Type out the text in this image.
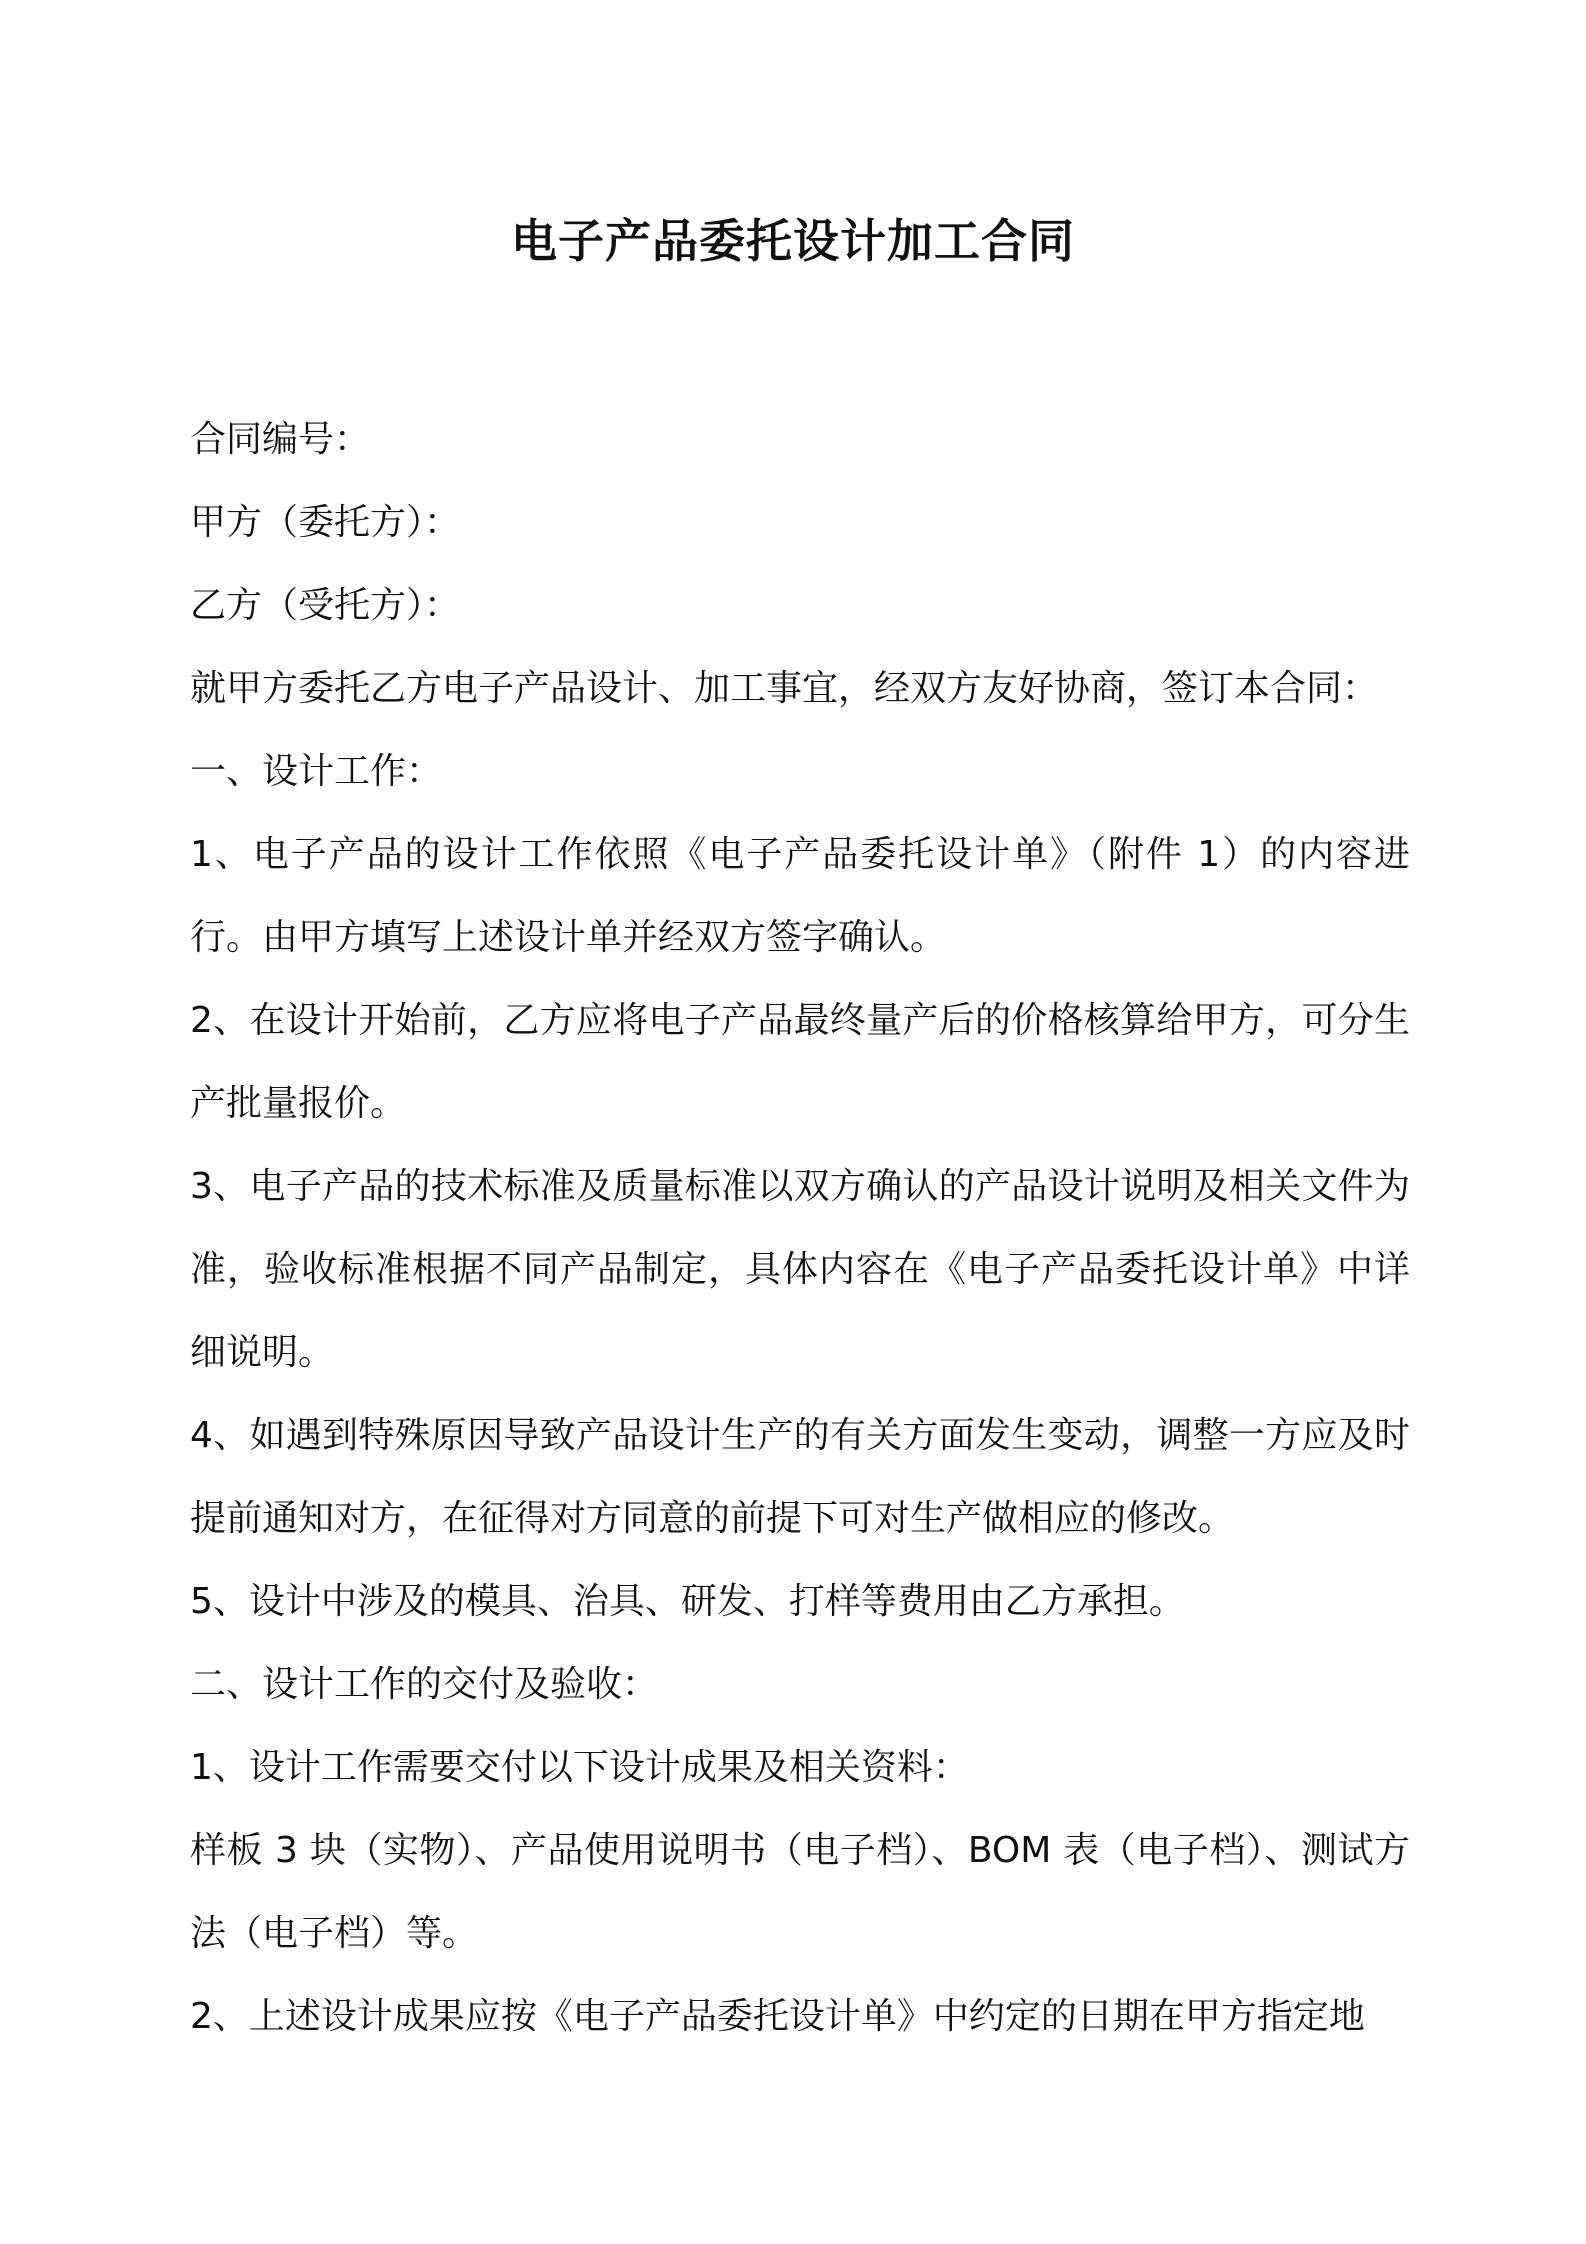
电子产品委托设计加工合同

合同编号：

甲方（委托方）：

乙方（受托方）：

就甲方委托乙方电子产品设计、加工事宜，经双方友好协商，签订本合同：

一、设计工作：

1、电子产品的设计工作依照《电子产品委托设计单》（附件 1）的内容进行。由甲方填写上述设计单并经双方签字确认。

2、在设计开始前，乙方应将电子产品最终量产后的价格核算给甲方，可分生产批量报价。

3、电子产品的技术标准及质量标准以双方确认的产品设计说明及相关文件为准，验收标准根据不同产品制定，具体内容在《电子产品委托设计单》中详细说明。

4、如遇到特殊原因导致产品设计生产的有关方面发生变动，调整一方应及时提前通知对方，在征得对方同意的前提下可对生产做相应的修改。

5、设计中涉及的模具、治具、研发、打样等费用由乙方承担。

二、设计工作的交付及验收：

1、设计工作需要交付以下设计成果及相关资料：

样板 3 块（实物）、产品使用说明书（电子档）、BOM 表（电子档）、测试方法（电子档）等。

2、上述设计成果应按《电子产品委托设计单》中约定的日期在甲方指定地
